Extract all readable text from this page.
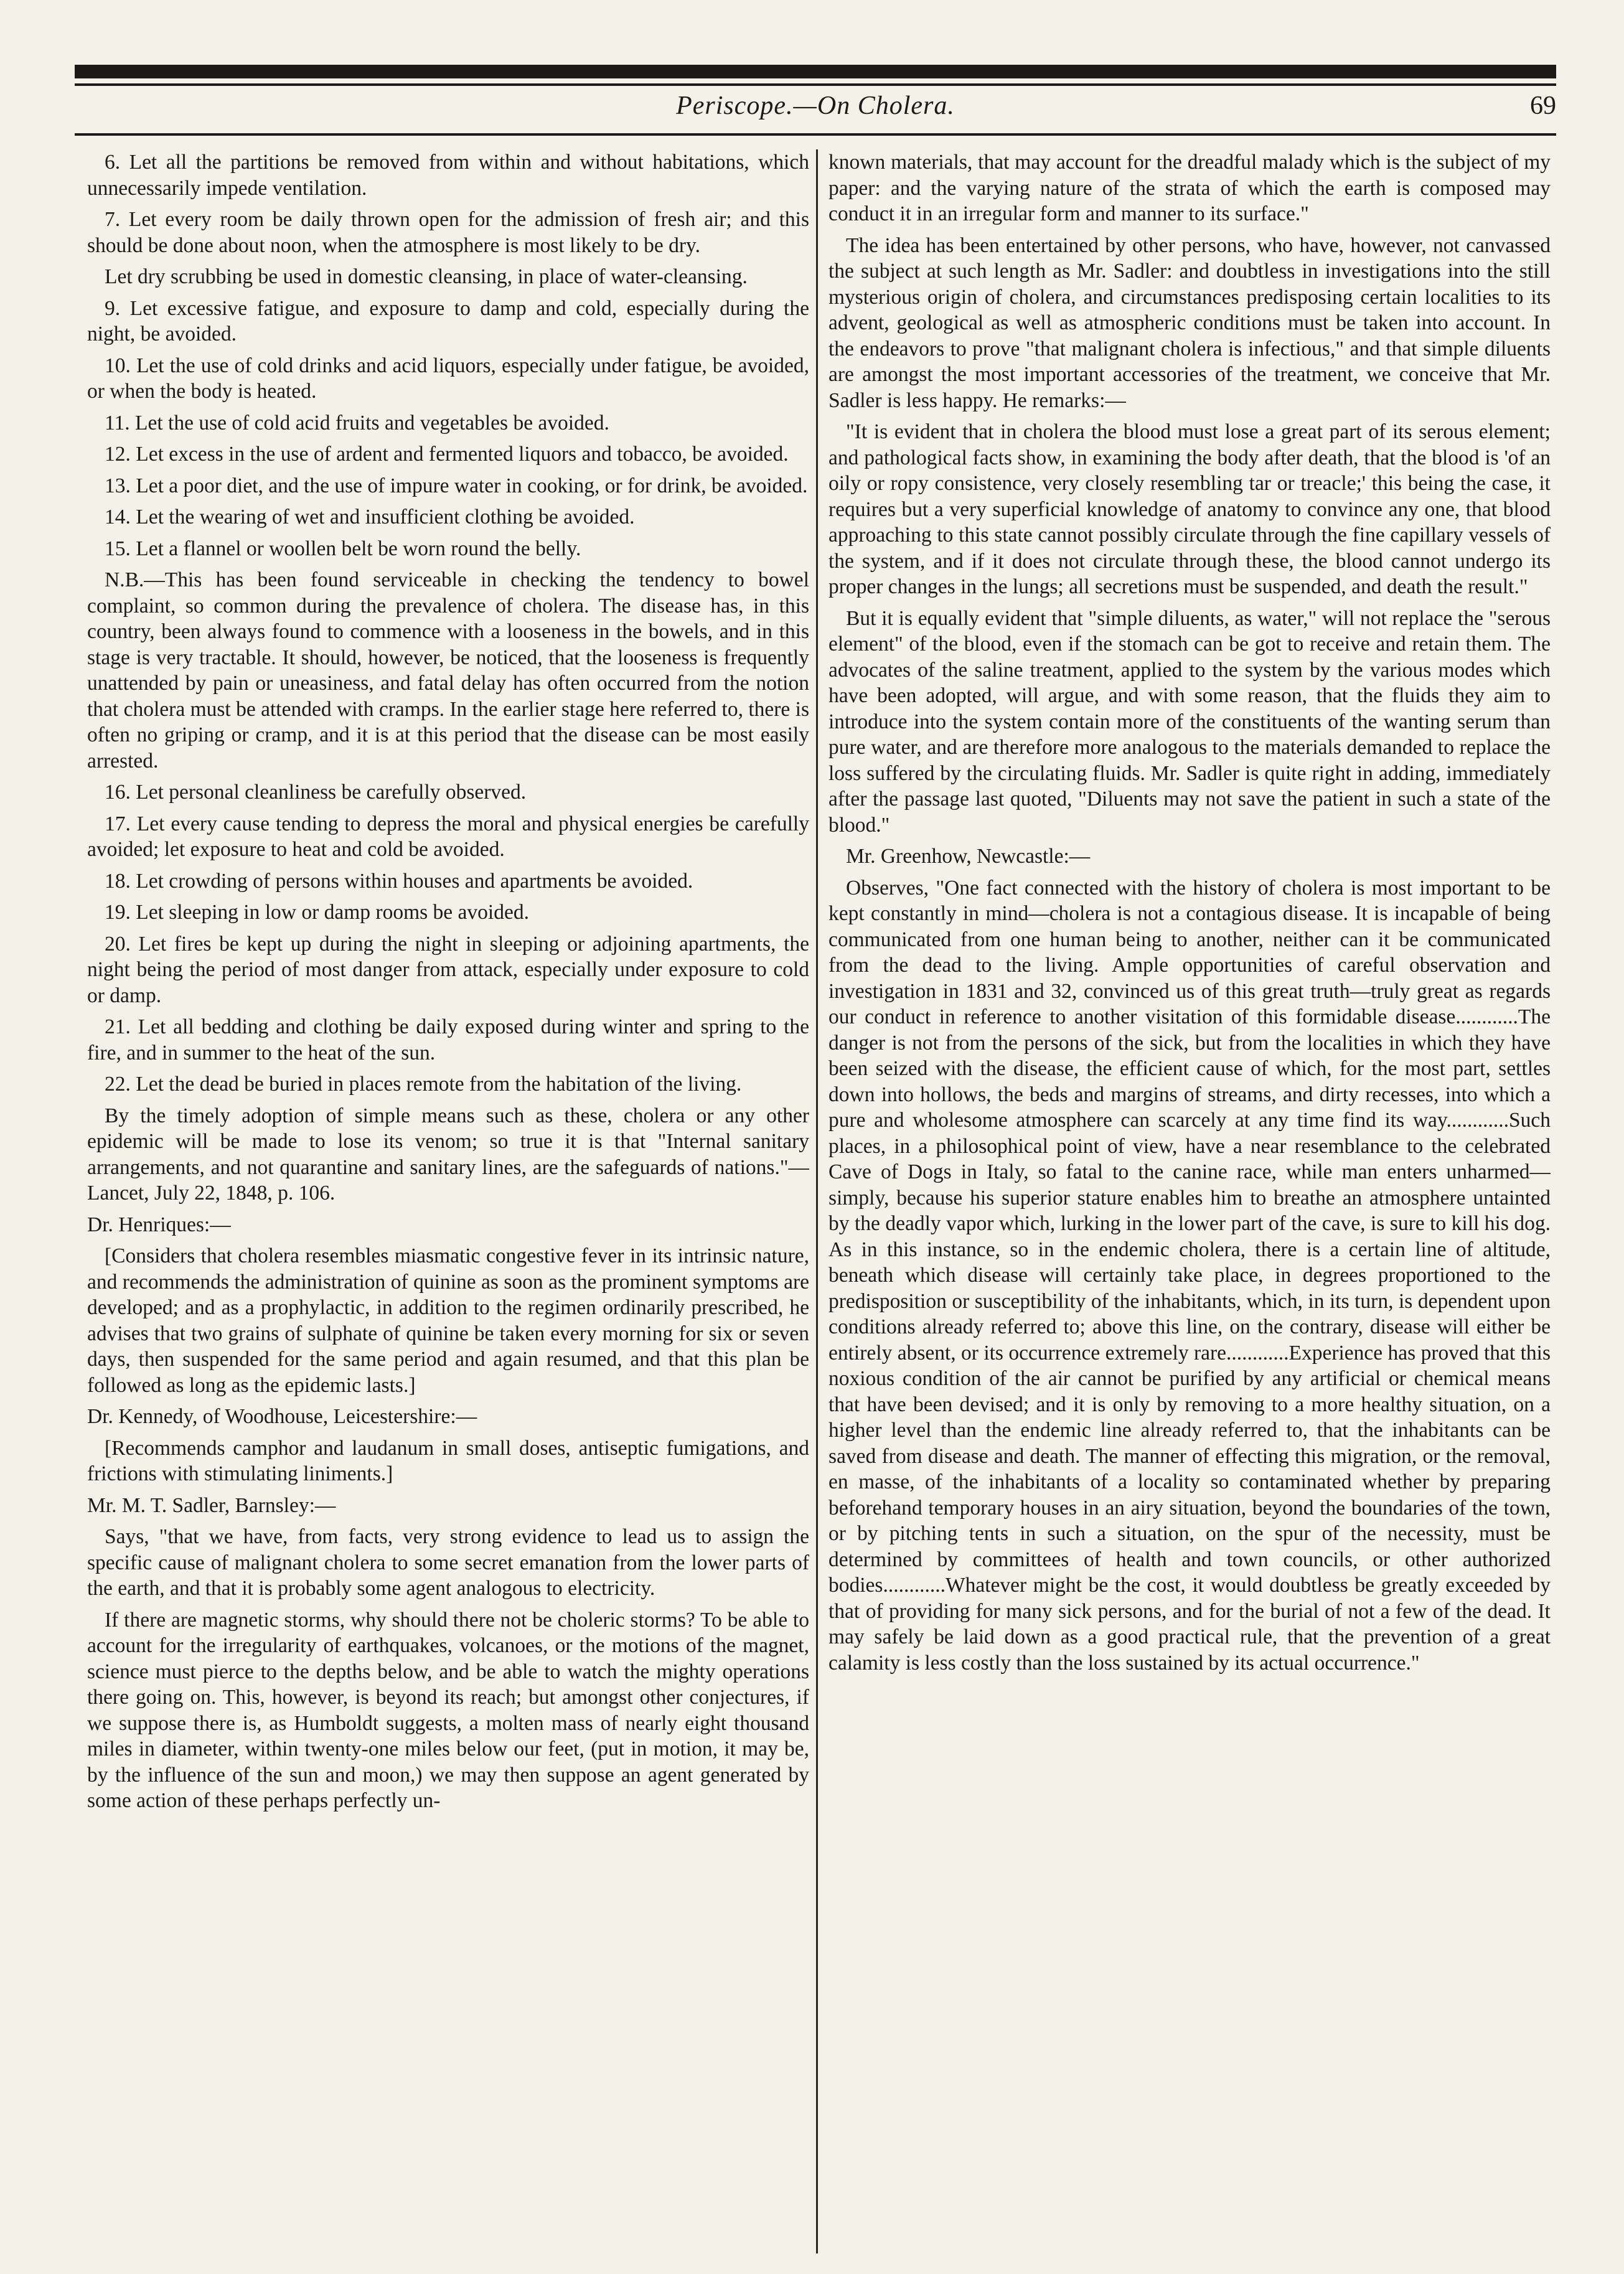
Periscope.—On Cholera.	69

6. Let all the partitions be removed from within and without habitations, which unnecessarily impede ventilation.

7. Let every room be daily thrown open for the admission of fresh air; and this should be done about noon, when the atmosphere is most likely to be dry.

Let dry scrubbing be used in domestic cleansing, in place of water-cleansing.

9. Let excessive fatigue, and exposure to damp and cold, especially during the night, be avoided.

10. Let the use of cold drinks and acid liquors, especially under fatigue, be avoided, or when the body is heated.

11. Let the use of cold acid fruits and vegetables be avoided.

12. Let excess in the use of ardent and fermented liquors and tobacco, be avoided.

13. Let a poor diet, and the use of impure water in cooking, or for drink, be avoided.

14. Let the wearing of wet and insufficient clothing be avoided.

15. Let a flannel or woollen belt be worn round the belly.

N.B.—This has been found serviceable in checking the tendency to bowel complaint, so common during the prevalence of cholera. The disease has, in this country, been always found to commence with a looseness in the bowels, and in this stage is very tractable. It should, however, be noticed, that the looseness is frequently unattended by pain or uneasiness, and fatal delay has often occurred from the notion that cholera must be attended with cramps. In the earlier stage here referred to, there is often no griping or cramp, and it is at this period that the disease can be most easily arrested.

16. Let personal cleanliness be carefully observed.

17. Let every cause tending to depress the moral and physical energies be carefully avoided; let exposure to heat and cold be avoided.

18. Let crowding of persons within houses and apartments be avoided.

19. Let sleeping in low or damp rooms be avoided.

20. Let fires be kept up during the night in sleeping or adjoining apartments, the night being the period of most danger from attack, especially under exposure to cold or damp.

21. Let all bedding and clothing be daily exposed during winter and spring to the fire, and in summer to the heat of the sun.

22. Let the dead be buried in places remote from the habitation of the living.

By the timely adoption of simple means such as these, cholera or any other epidemic will be made to lose its venom; so true it is that "Internal sanitary arrangements, and not quarantine and sanitary lines, are the safeguards of nations."—Lancet, July 22, 1848, p. 106.

Dr. Henriques:—

[Considers that cholera resembles miasmatic congestive fever in its intrinsic nature, and recommends the administration of quinine as soon as the prominent symptoms are developed; and as a prophylactic, in addition to the regimen ordinarily prescribed, he advises that two grains of sulphate of quinine be taken every morning for six or seven days, then suspended for the same period and again resumed, and that this plan be followed as long as the epidemic lasts.]

Dr. Kennedy, of Woodhouse, Leicestershire:—

[Recommends camphor and laudanum in small doses, antiseptic fumigations, and frictions with stimulating liniments.]

Mr. M. T. Sadler, Barnsley:—

Says, "that we have, from facts, very strong evidence to lead us to assign the specific cause of malignant cholera to some secret emanation from the lower parts of the earth, and that it is probably some agent analogous to electricity.

If there are magnetic storms, why should there not be choleric storms? To be able to account for the irregularity of earthquakes, volcanoes, or the motions of the magnet, science must pierce to the depths below, and be able to watch the mighty operations there going on. This, however, is beyond its reach; but amongst other conjectures, if we suppose there is, as Humboldt suggests, a molten mass of nearly eight thousand miles in diameter, within twenty-one miles below our feet, (put in motion, it may be, by the influence of the sun and moon,) we may then suppose an agent generated by some action of these perhaps perfectly un-

known materials, that may account for the dreadful malady which is the subject of my paper: and the varying nature of the strata of which the earth is composed may conduct it in an irregular form and manner to its surface."

The idea has been entertained by other persons, who have, however, not canvassed the subject at such length as Mr. Sadler: and doubtless in investigations into the still mysterious origin of cholera, and circumstances predisposing certain localities to its advent, geological as well as atmospheric conditions must be taken into account. In the endeavors to prove "that malignant cholera is infectious," and that simple diluents are amongst the most important accessories of the treatment, we conceive that Mr. Sadler is less happy. He remarks:—

"It is evident that in cholera the blood must lose a great part of its serous element; and pathological facts show, in examining the body after death, that the blood is 'of an oily or ropy consistence, very closely resembling tar or treacle;' this being the case, it requires but a very superficial knowledge of anatomy to convince any one, that blood approaching to this state cannot possibly circulate through the fine capillary vessels of the system, and if it does not circulate through these, the blood cannot undergo its proper changes in the lungs; all secretions must be suspended, and death the result."

But it is equally evident that "simple diluents, as water," will not replace the "serous element" of the blood, even if the stomach can be got to receive and retain them. The advocates of the saline treatment, applied to the system by the various modes which have been adopted, will argue, and with some reason, that the fluids they aim to introduce into the system contain more of the constituents of the wanting serum than pure water, and are therefore more analogous to the materials demanded to replace the loss suffered by the circulating fluids. Mr. Sadler is quite right in adding, immediately after the passage last quoted, "Diluents may not save the patient in such a state of the blood."

Mr. Greenhow, Newcastle:—

Observes, "One fact connected with the history of cholera is most important to be kept constantly in mind—cholera is not a contagious disease. It is incapable of being communicated from one human being to another, neither can it be communicated from the dead to the living. Ample opportunities of careful observation and investigation in 1831 and 32, convinced us of this great truth—truly great as regards our conduct in reference to another visitation of this formidable disease............The danger is not from the persons of the sick, but from the localities in which they have been seized with the disease, the efficient cause of which, for the most part, settles down into hollows, the beds and margins of streams, and dirty recesses, into which a pure and wholesome atmosphere can scarcely at any time find its way............Such places, in a philosophical point of view, have a near resemblance to the celebrated Cave of Dogs in Italy, so fatal to the canine race, while man enters unharmed—simply, because his superior stature enables him to breathe an atmosphere untainted by the deadly vapor which, lurking in the lower part of the cave, is sure to kill his dog. As in this instance, so in the endemic cholera, there is a certain line of altitude, beneath which disease will certainly take place, in degrees proportioned to the predisposition or susceptibility of the inhabitants, which, in its turn, is dependent upon conditions already referred to; above this line, on the contrary, disease will either be entirely absent, or its occurrence extremely rare............Experience has proved that this noxious condition of the air cannot be purified by any artificial or chemical means that have been devised; and it is only by removing to a more healthy situation, on a higher level than the endemic line already referred to, that the inhabitants can be saved from disease and death. The manner of effecting this migration, or the removal, en masse, of the inhabitants of a locality so contaminated whether by preparing beforehand temporary houses in an airy situation, beyond the boundaries of the town, or by pitching tents in such a situation, on the spur of the necessity, must be determined by committees of health and town councils, or other authorized bodies............Whatever might be the cost, it would doubtless be greatly exceeded by that of providing for many sick persons, and for the burial of not a few of the dead. It may safely be laid down as a good practical rule, that the prevention of a great calamity is less costly than the loss sustained by its actual occurrence."
